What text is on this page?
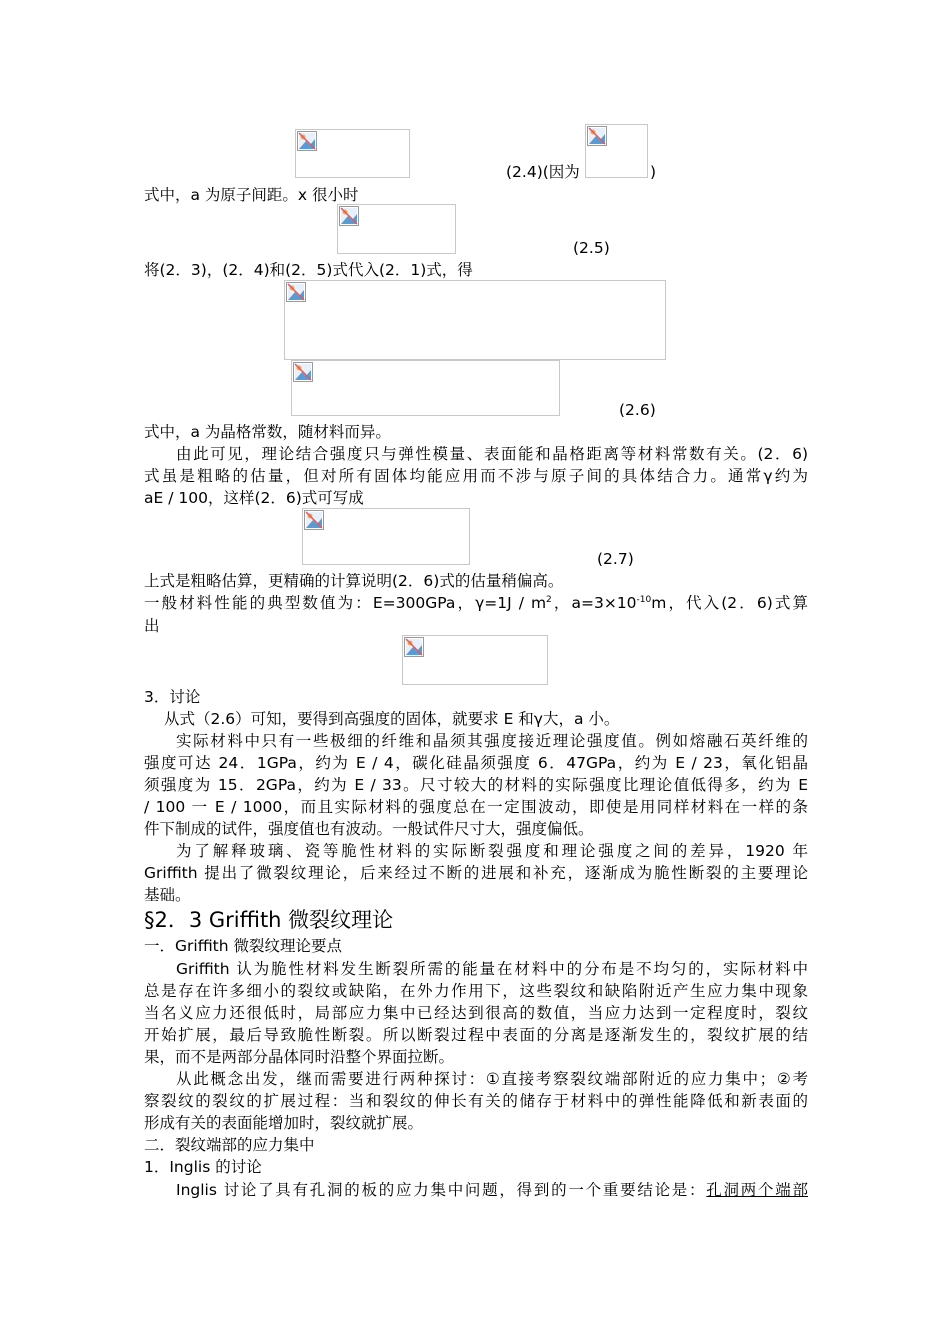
(2.4)(因为	)
式中，a 为原子间距。x 很小时
(2.5)
将(2．3)，(2．4)和(2．5)式代入(2．1)式，得
(2.6)
式中，a 为晶格常数，随材料而异。
由此可见，理论结合强度只与弹性模量、表面能和晶格距离等材料常数有关。(2．6)
式虽是粗略的估量，但对所有固体均能应用而不涉与原子间的具体结合力。通常γ约为
aE / 100，这样(2．6)式可写成
(2.7)
上式是粗略估算，更精确的计算说明(2．6)式的估量稍偏高。
一般材料性能的典型数值为：E=300GPa，$\gamma=1J / m^2$，$a=3\times 10^{-10}m$，代入(2．6)式算
出
3．讨论
从式（2.6）可知，要得到高强度的固体，就要求 E 和γ大，a 小。
实际材料中只有一些极细的纤维和晶须其强度接近理论强度值。例如熔融石英纤维的
强度可达 24．1GPa，约为 E / 4，碳化硅晶须强度 6．47GPa，约为 E / 23，氧化铝晶
须强度为 15．2GPa，约为 E / 33。尺寸较大的材料的实际强度比理论值低得多，约为 E
/ 100 一 E / 1000，而且实际材料的强度总在一定围波动，即使是用同样材料在一样的条
件下制成的试件，强度值也有波动。一般试件尺寸大，强度偏低。
为了解释玻璃、瓷等脆性材料的实际断裂强度和理论强度之间的差异，1920 年
Griffith 提出了微裂纹理论，后来经过不断的进展和补充，逐渐成为脆性断裂的主要理论
基础。
§2．3 Griffith 微裂纹理论
一．Griffith 微裂纹理论要点
Griffith 认为脆性材料发生断裂所需的能量在材料中的分布是不均匀的，实际材料中
总是存在许多细小的裂纹或缺陷，在外力作用下，这些裂纹和缺陷附近产生应力集中现象
当名义应力还很低时，局部应力集中已经达到很高的数值，当应力达到一定程度时，裂纹
开始扩展，最后导致脆性断裂。所以断裂过程中表面的分离是逐渐发生的，裂纹扩展的结
果，而不是两部分晶体同时沿整个界面拉断。
从此概念出发，继而需要进行两种探讨：①直接考察裂纹端部附近的应力集中；②考
察裂纹的裂纹的扩展过程：当和裂纹的伸长有关的储存于材料中的弹性能降低和新表面的
形成有关的表面能增加时，裂纹就扩展。
二．裂纹端部的应力集中
1．Inglis 的讨论
Inglis 讨论了具有孔洞的板的应力集中问题，得到的一个重要结论是：孔洞两个端部
